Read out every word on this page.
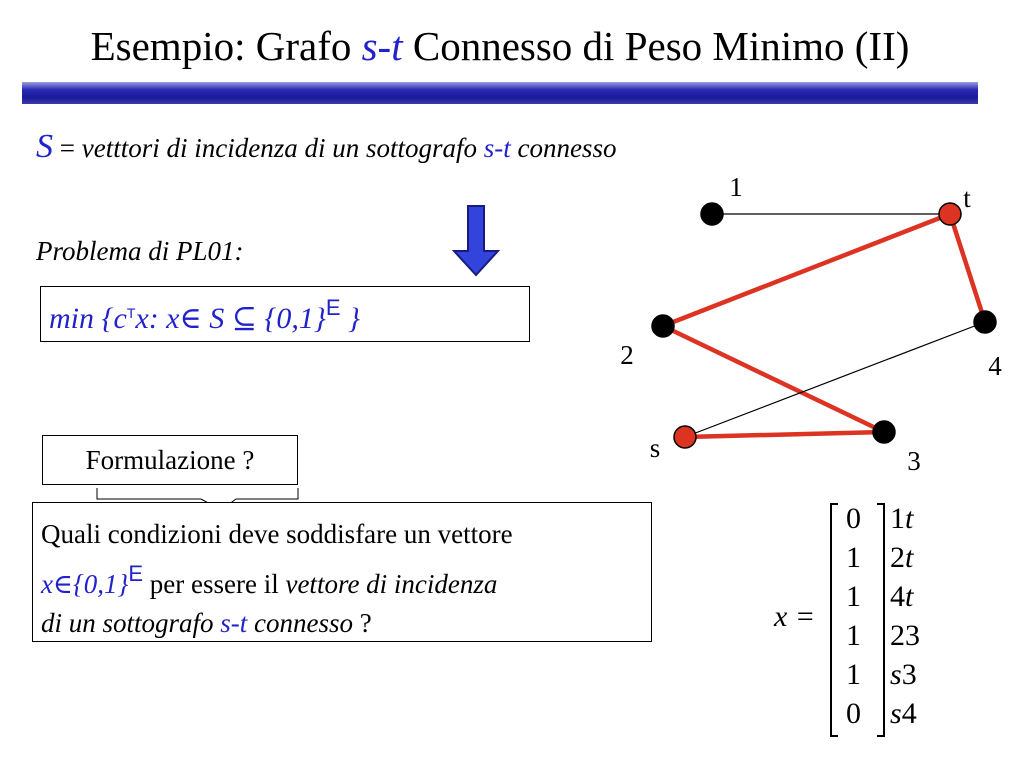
Esempio: Grafo s-t Connesso di Peso Minimo (II)
S = vetttori di incidenza di un sottografo s-t connesso
Problema di PL01:
$\min \{c^Tx$: x∈ S ⊆ $\{0,1\}^E$ }
Formulazione ?
Quali condizioni deve soddisfare un vettore
$x\in\{0,1\}^E$ per essere il vettore di incidenza
di un sottografo s-t connesso ?
1	t
2	4
s	3
x =
0 1t
1 2t
1 4t
1 23
1 s3
0 s4
